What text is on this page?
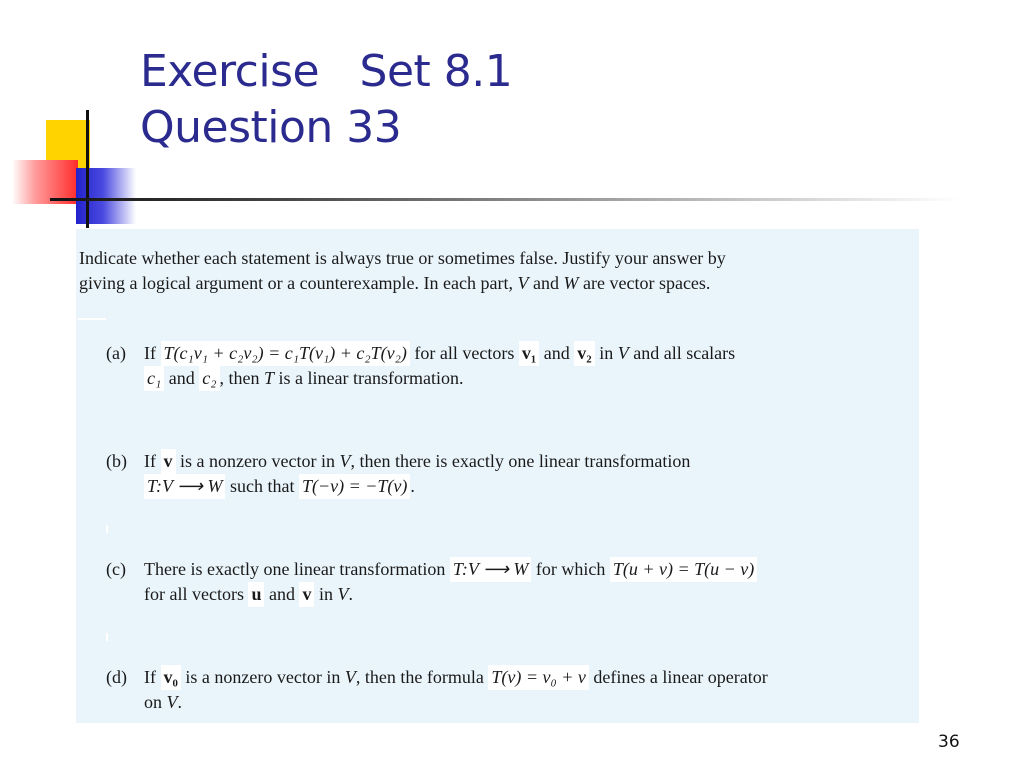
Exercise   Set 8.1
Question 33
Indicate whether each statement is always true or sometimes false. Justify your answer by
giving a logical argument or a counterexample. In each part, V and W are vector spaces.
(a) If T(c₁v₁ + c₂v₂) = c₁T(v₁) + c₂T(v₂) for all vectors v₁ and v₂ in V and all scalars
c₁ and c₂ , then T is a linear transformation.
(b) If v is a nonzero vector in V, then there is exactly one linear transformation
T:V ⟶ W such that T(−v) = −T(v) .
(c) There is exactly one linear transformation T:V ⟶ W for which T(u + v) = T(u − v)
for all vectors u and v in V.
(d) If v₀ is a nonzero vector in V, then the formula T(v) = v₀ + v defines a linear operator
on V.
36
